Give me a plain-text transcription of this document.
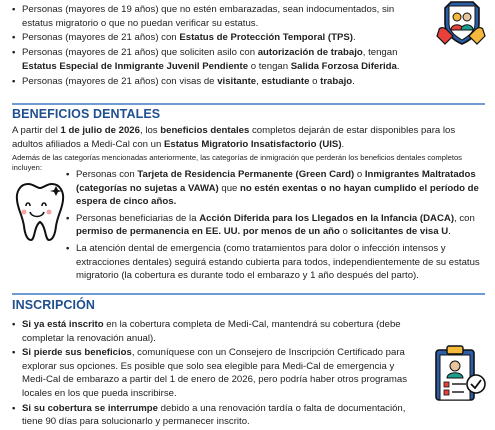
• Personas (mayores de 19 años) que no estén embarazadas, sean indocumentados, sin estatus migratorio o que no puedan verificar su estatus.
• Personas (mayores de 21 años) con Estatus de Protección Temporal (TPS).
• Personas (mayores de 21 años) que soliciten asilo con autorización de trabajo, tengan Estatus Especial de Inmigrante Juvenil Pendiente o tengan Salida Forzosa Diferida.
• Personas (mayores de 21 años) con visas de visitante, estudiante o trabajo.
BENEFICIOS DENTALES

A partir del 1 de julio de 2026, los beneficios dentales completos dejarán de estar disponibles para los adultos afiliados a Medi-Cal con un Estatus Migratorio Insatisfactorio (UIS).

Además de las categorías mencionadas anteriormente, las categorías de inmigración que perderán los beneficios dentales completos incluyen:

• Personas con Tarjeta de Residencia Permanente (Green Card) o Inmigrantes Maltratados (categorías no sujetas a VAWA) que no estén exentas o no hayan cumplido el período de espera de cinco años.
• Personas beneficiarias de la Acción Diferida para los Llegados en la Infancia (DACA), con permiso de permanencia en EE. UU. por menos de un año o solicitantes de visa U.
• La atención dental de emergencia (como tratamientos para dolor o infección intensos y extracciones dentales) seguirá estando cubierta para todos, independientemente de su estatus migratorio (la cobertura es durante todo el embarazo y 1 año después del parto).
INSCRIPCIÓN
• Si ya está inscrito en la cobertura completa de Medi-Cal, mantendrá su cobertura (debe completar la renovación anual).
• Si pierde sus beneficios, comuníquese con un Consejero de Inscripción Certificado para explorar sus opciones. Es posible que solo sea elegible para Medi-Cal de emergencia y Medi-Cal de embarazo a partir del 1 de enero de 2026, pero podría haber otros programas locales en los que pueda inscribirse.
• Si su cobertura se interrumpe debido a una renovación tardía o falta de documentación, tiene 90 días para solucionarlo y permanecer inscrito.
